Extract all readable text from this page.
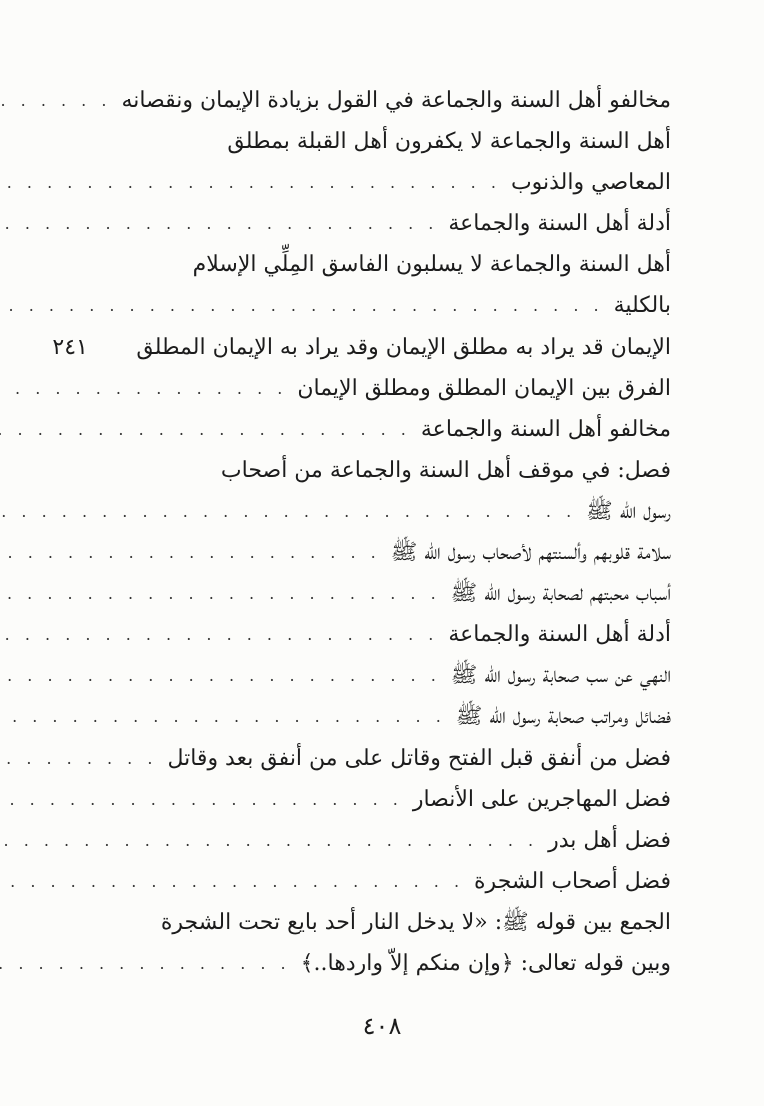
مخالفو أهل السنة والجماعة في القول بزيادة الإيمان ونقصانه
. . .
أهل السنة والجماعة لا يكفرون أهل القبلة بمطلق
المعاصي والذنوب
. . .
أدلة أهل السنة والجماعة
. . .
أهل السنة والجماعة لا يسلبون الفاسق المِلِّي الإسلام
بالكلية
. . .
الإيمان قد يراد به مطلق الإيمان وقد يراد به الإيمان المطلق
٢٤١
الفرق بين الإيمان المطلق ومطلق الإيمان
. . .
مخالفو أهل السنة والجماعة
. . .
فصل: في موقف أهل السنة والجماعة من أصحاب
رسول الله ﷺ
. . .
سلامة قلوبهم وألسنتهم لأصحاب رسول الله ﷺ
. . .
أسباب محبتهم لصحابة رسول الله ﷺ
. . .
أدلة أهل السنة والجماعة
. . .
النهي عن سب صحابة رسول الله ﷺ
. . .
فضائل ومراتب صحابة رسول الله ﷺ
. . .
فضل من أنفق قبل الفتح وقاتل على من أنفق بعد وقاتل
. . .
فضل المهاجرين على الأنصار
. . .
فضل أهل بدر
. . .
فضل أصحاب الشجرة
. . .
الجمع بين قوله ﷺ: «لا يدخل النار أحد بايع تحت الشجرة
وبين قوله تعالى: ﴿وإن منكم إلاّ واردها..﴾
. . .
٤٠٨
